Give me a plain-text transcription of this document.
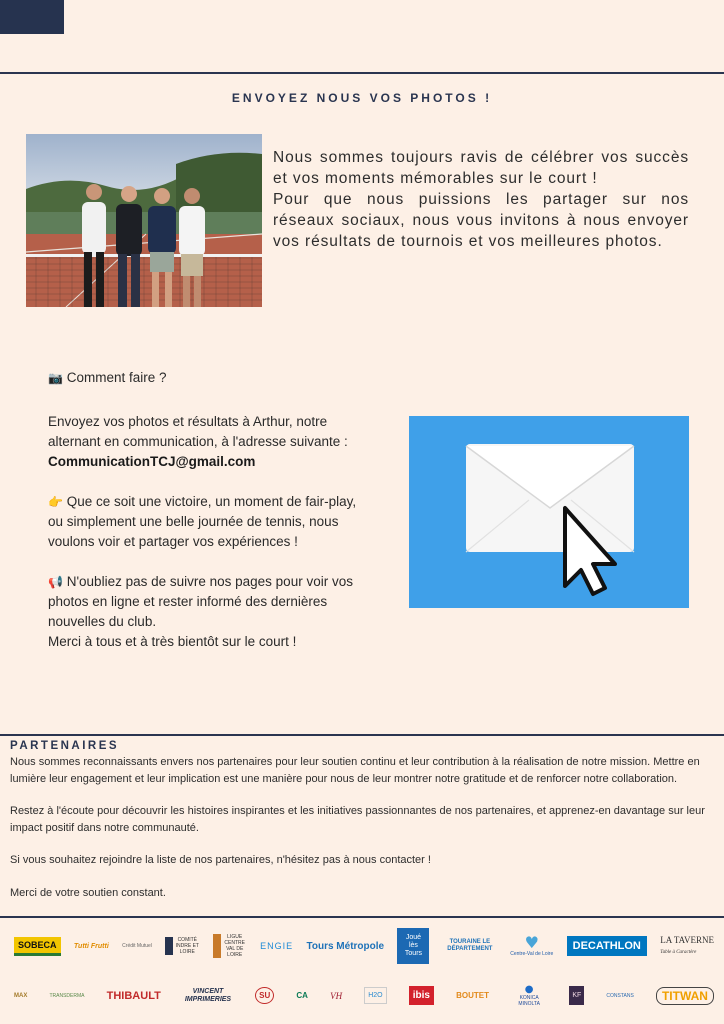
ENVOYEZ NOUS VOS PHOTOS !

Nous sommes toujours ravis de célébrer vos succès et vos moments mémorables sur le court !

Pour que nous puissions les partager sur nos réseaux sociaux, nous vous invitons à nous envoyer vos résultats de tournois et vos meilleures photos.

📷 Comment faire ?

Envoyez vos photos et résultats à Arthur, notre alternant en communication, à l'adresse suivante : CommunicationTCJ@gmail.com

👉 Que ce soit une victoire, un moment de fair-play, ou simplement une belle journée de tennis, nous voulons voir et partager vos expériences !

📢 N'oubliez pas de suivre nos pages pour voir vos photos en ligne et rester informé des dernières nouvelles du club.
Merci à tous et à très bientôt sur le court !

PARTENAIRES

Nous sommes reconnaissants envers nos partenaires pour leur soutien continu et leur contribution à la réalisation de notre mission. Mettre en lumière leur engagement et leur implication est une manière pour nous de leur montrer notre gratitude et de renforcer notre collaboration.

Restez à l'écoute pour découvrir les histoires inspirantes et les initiatives passionnantes de nos partenaires, et apprenez-en davantage sur leur impact positif dans notre communauté.

Si vous souhaitez rejoindre la liste de nos partenaires, n'hésitez pas à nous contacter !

Merci de votre soutien constant.

SOBECA	Tutti Frutti	Crédit Mutuel
COMITÉ INDRE ET LOIRE
LIGUE CENTRE VAL DE LOIRE
ENGIE Tours Métropole
Joué lès Tours
TOURAINE LE DÉPARTEMENT	♥
Centre-Val de Loire
DECATHLON
LA TAVERNE
Table à Caractère
MAX	TRANSDERMA THIBAULT	VINCENT IMPRIMERIES	SU	CA VH	H2O	ibis	BOUTET
●
KONICA MINOLTA
KF	CONSTANS	TITWAN
